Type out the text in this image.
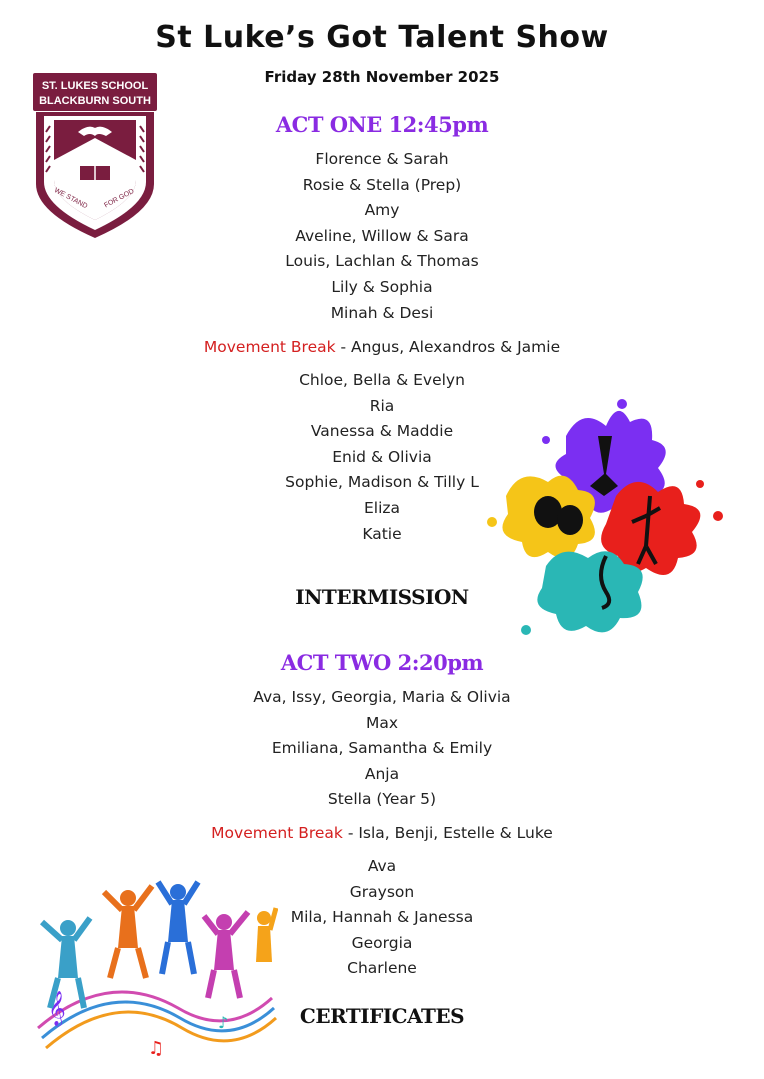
St Luke’s Got Talent Show
Friday 28th November 2025
ST. LUKES SCHOOL
BLACKBURN SOUTH
WE STAND FOR GOD
ACT ONE 12:45pm
Florence & Sarah
Rosie & Stella (Prep)
Amy
Aveline, Willow & Sara
Louis, Lachlan & Thomas
Lily & Sophia
Minah & Desi
Movement Break - Angus, Alexandros & Jamie
Chloe, Bella & Evelyn
Ria
Vanessa & Maddie
Enid & Olivia
Sophie, Madison & Tilly L
Eliza
Katie
INTERMISSION
ACT TWO 2:20pm
Ava, Issy, Georgia, Maria & Olivia
Max
Emiliana, Samantha & Emily
Anja
Stella (Year 5)
Movement Break - Isla, Benji, Estelle & Luke
Ava
Grayson
Mila, Hannah & Janessa
Georgia
Charlene
𝄞
♫
♪	CERTIFICATES
